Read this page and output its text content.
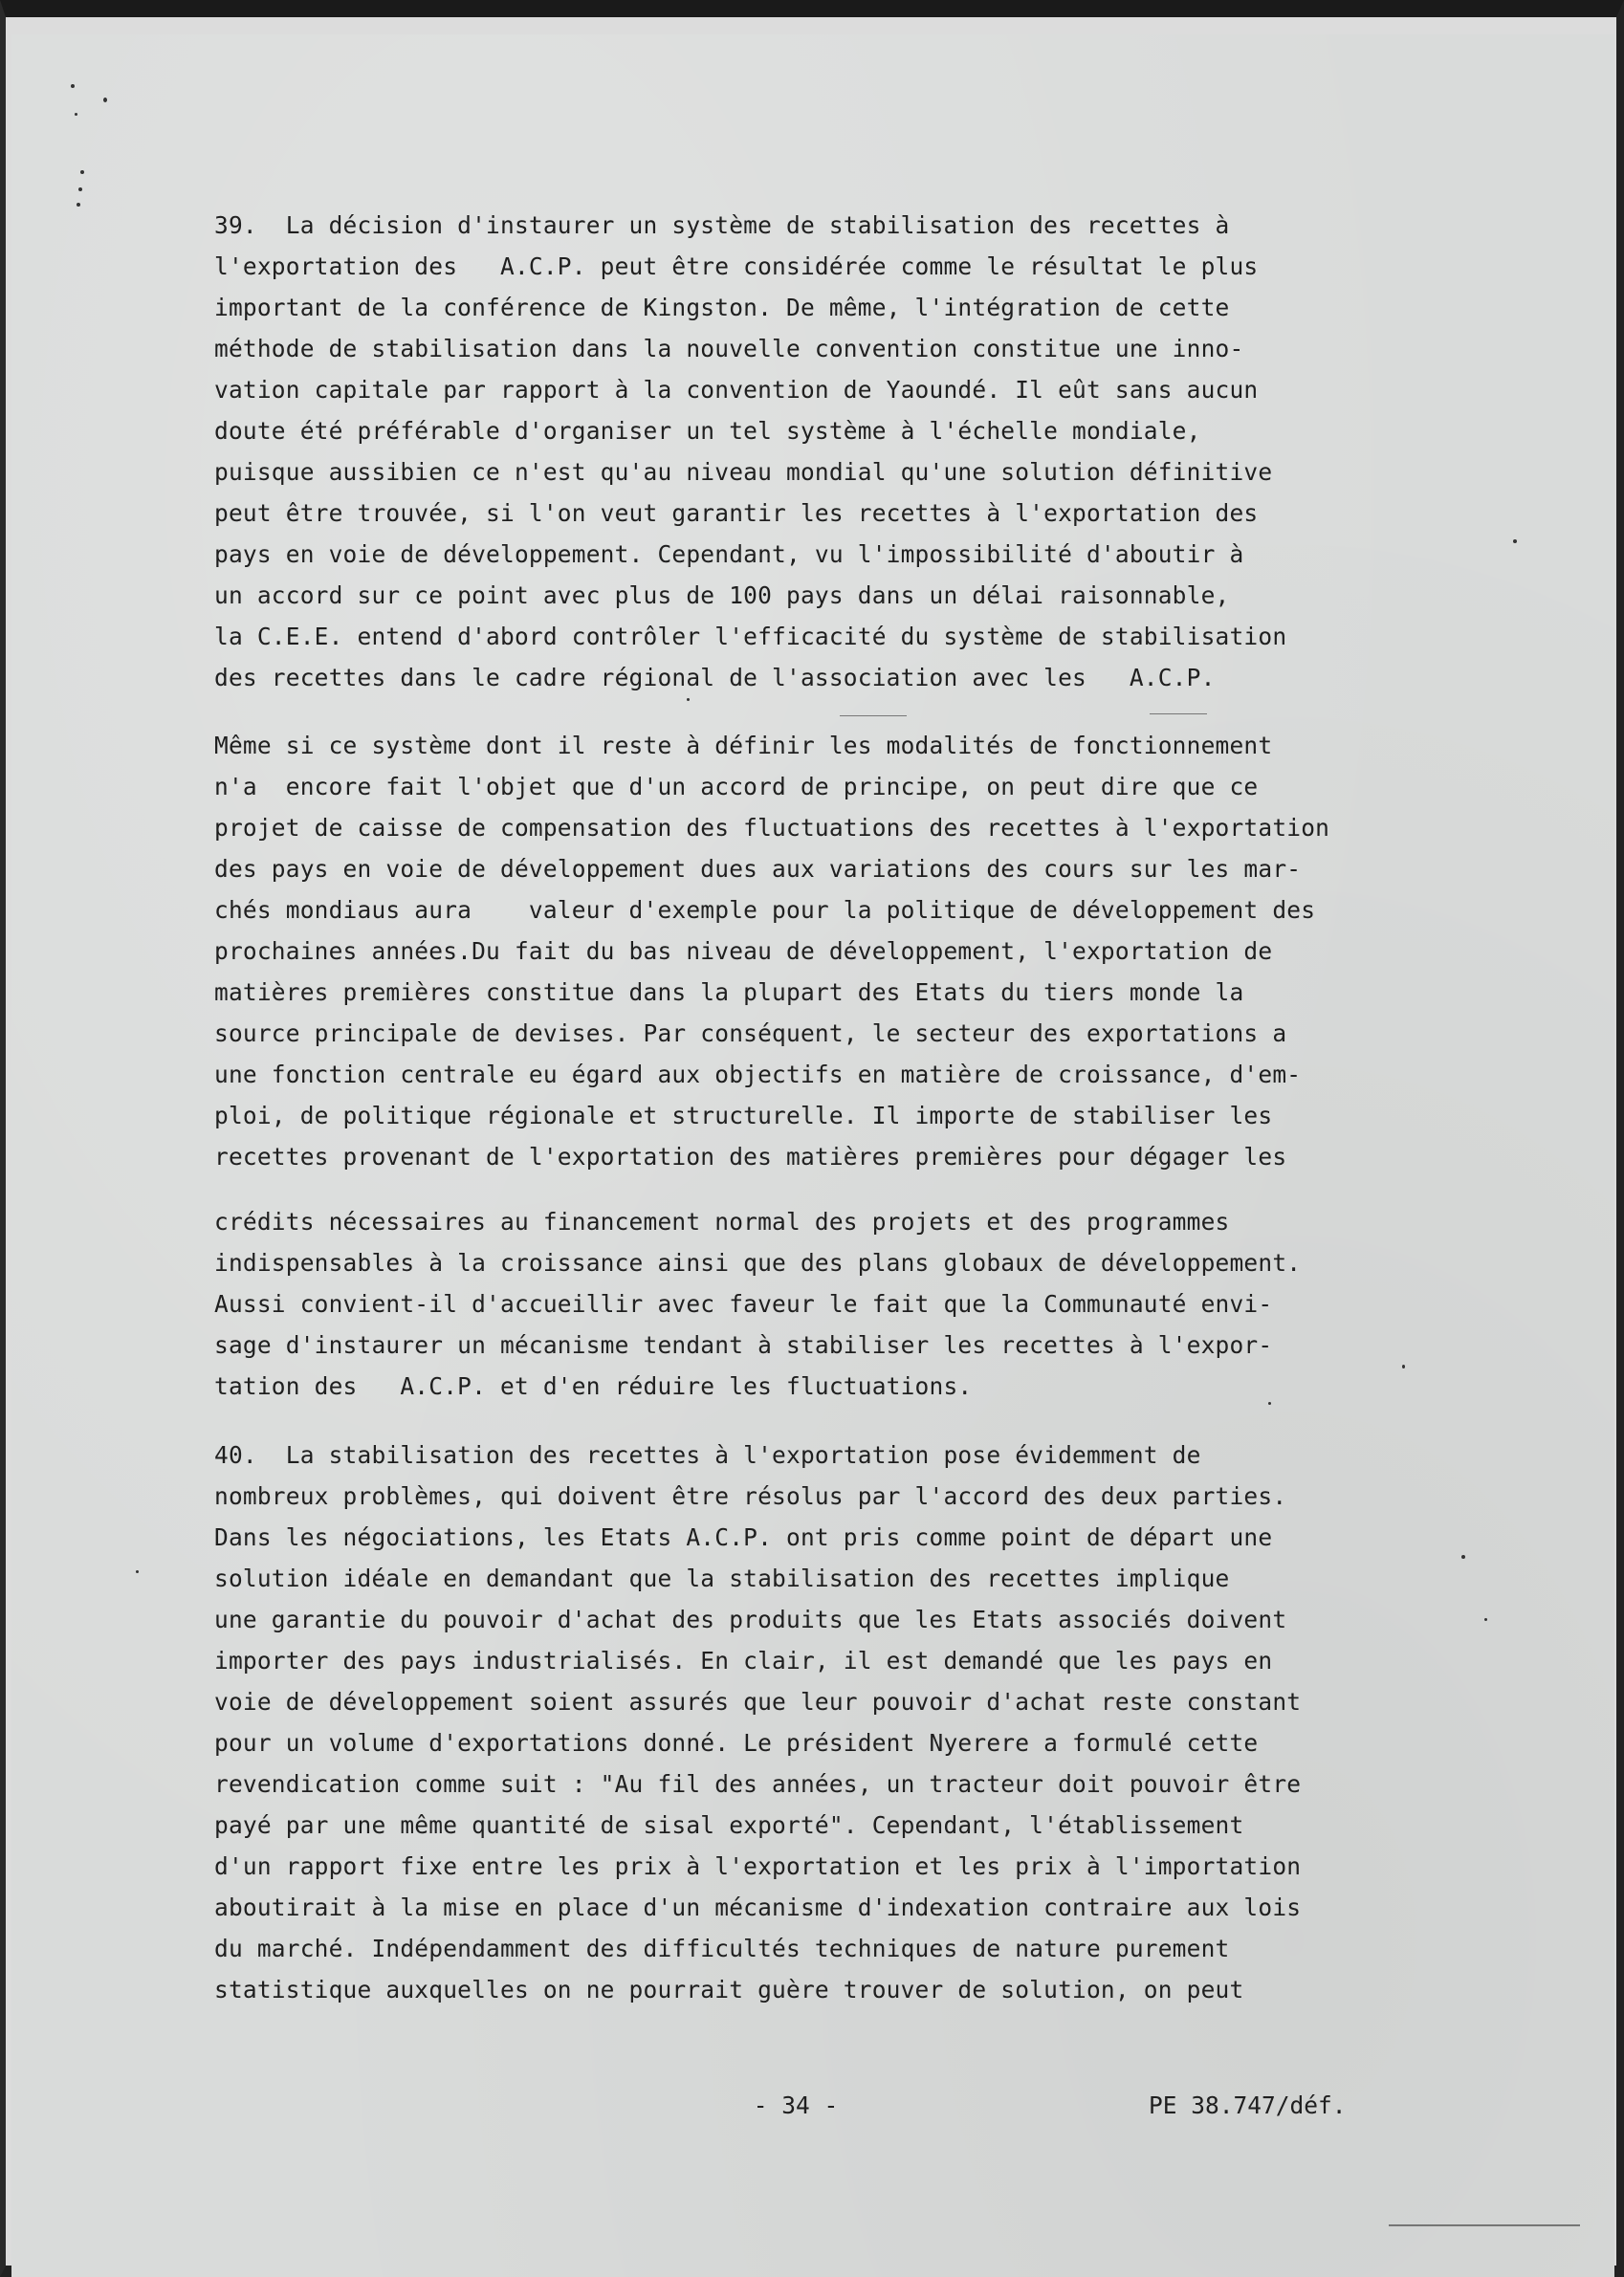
39.  La décision d'instaurer un système de stabilisation des recettes à
l'exportation des   A.C.P. peut être considérée comme le résultat le plus
important de la conférence de Kingston. De même, l'intégration de cette
méthode de stabilisation dans la nouvelle convention constitue une inno-
vation capitale par rapport à la convention de Yaoundé. Il eût sans aucun
doute été préférable d'organiser un tel système à l'échelle mondiale,
puisque aussibien ce n'est qu'au niveau mondial qu'une solution définitive
peut être trouvée, si l'on veut garantir les recettes à l'exportation des
pays en voie de développement. Cependant, vu l'impossibilité d'aboutir à
un accord sur ce point avec plus de 100 pays dans un délai raisonnable,
la C.E.E. entend d'abord contrôler l'efficacité du système de stabilisation
des recettes dans le cadre régional de l'association avec les   A.C.P.
Même si ce système dont il reste à définir les modalités de fonctionnement
n'a  encore fait l'objet que d'un accord de principe, on peut dire que ce
projet de caisse de compensation des fluctuations des recettes à l'exportation
des pays en voie de développement dues aux variations des cours sur les mar-
chés mondiaus aura    valeur d'exemple pour la politique de développement des
prochaines années.Du fait du bas niveau de développement, l'exportation de
matières premières constitue dans la plupart des Etats du tiers monde la
source principale de devises. Par conséquent, le secteur des exportations a
une fonction centrale eu égard aux objectifs en matière de croissance, d'em-
ploi, de politique régionale et structurelle. Il importe de stabiliser les
recettes provenant de l'exportation des matières premières pour dégager les
crédits nécessaires au financement normal des projets et des programmes
indispensables à la croissance ainsi que des plans globaux de développement.
Aussi convient-il d'accueillir avec faveur le fait que la Communauté envi-
sage d'instaurer un mécanisme tendant à stabiliser les recettes à l'expor-
tation des   A.C.P. et d'en réduire les fluctuations.
40.  La stabilisation des recettes à l'exportation pose évidemment de
nombreux problèmes, qui doivent être résolus par l'accord des deux parties.
Dans les négociations, les Etats A.C.P. ont pris comme point de départ une
solution idéale en demandant que la stabilisation des recettes implique
une garantie du pouvoir d'achat des produits que les Etats associés doivent
importer des pays industrialisés. En clair, il est demandé que les pays en
voie de développement soient assurés que leur pouvoir d'achat reste constant
pour un volume d'exportations donné. Le président Nyerere a formulé cette
revendication comme suit : "Au fil des années, un tracteur doit pouvoir être
payé par une même quantité de sisal exporté". Cependant, l'établissement
d'un rapport fixe entre les prix à l'exportation et les prix à l'importation
aboutirait à la mise en place d'un mécanisme d'indexation contraire aux lois
du marché. Indépendamment des difficultés techniques de nature purement
statistique auxquelles on ne pourrait guère trouver de solution, on peut
- 34 -	PE 38.747/déf.
